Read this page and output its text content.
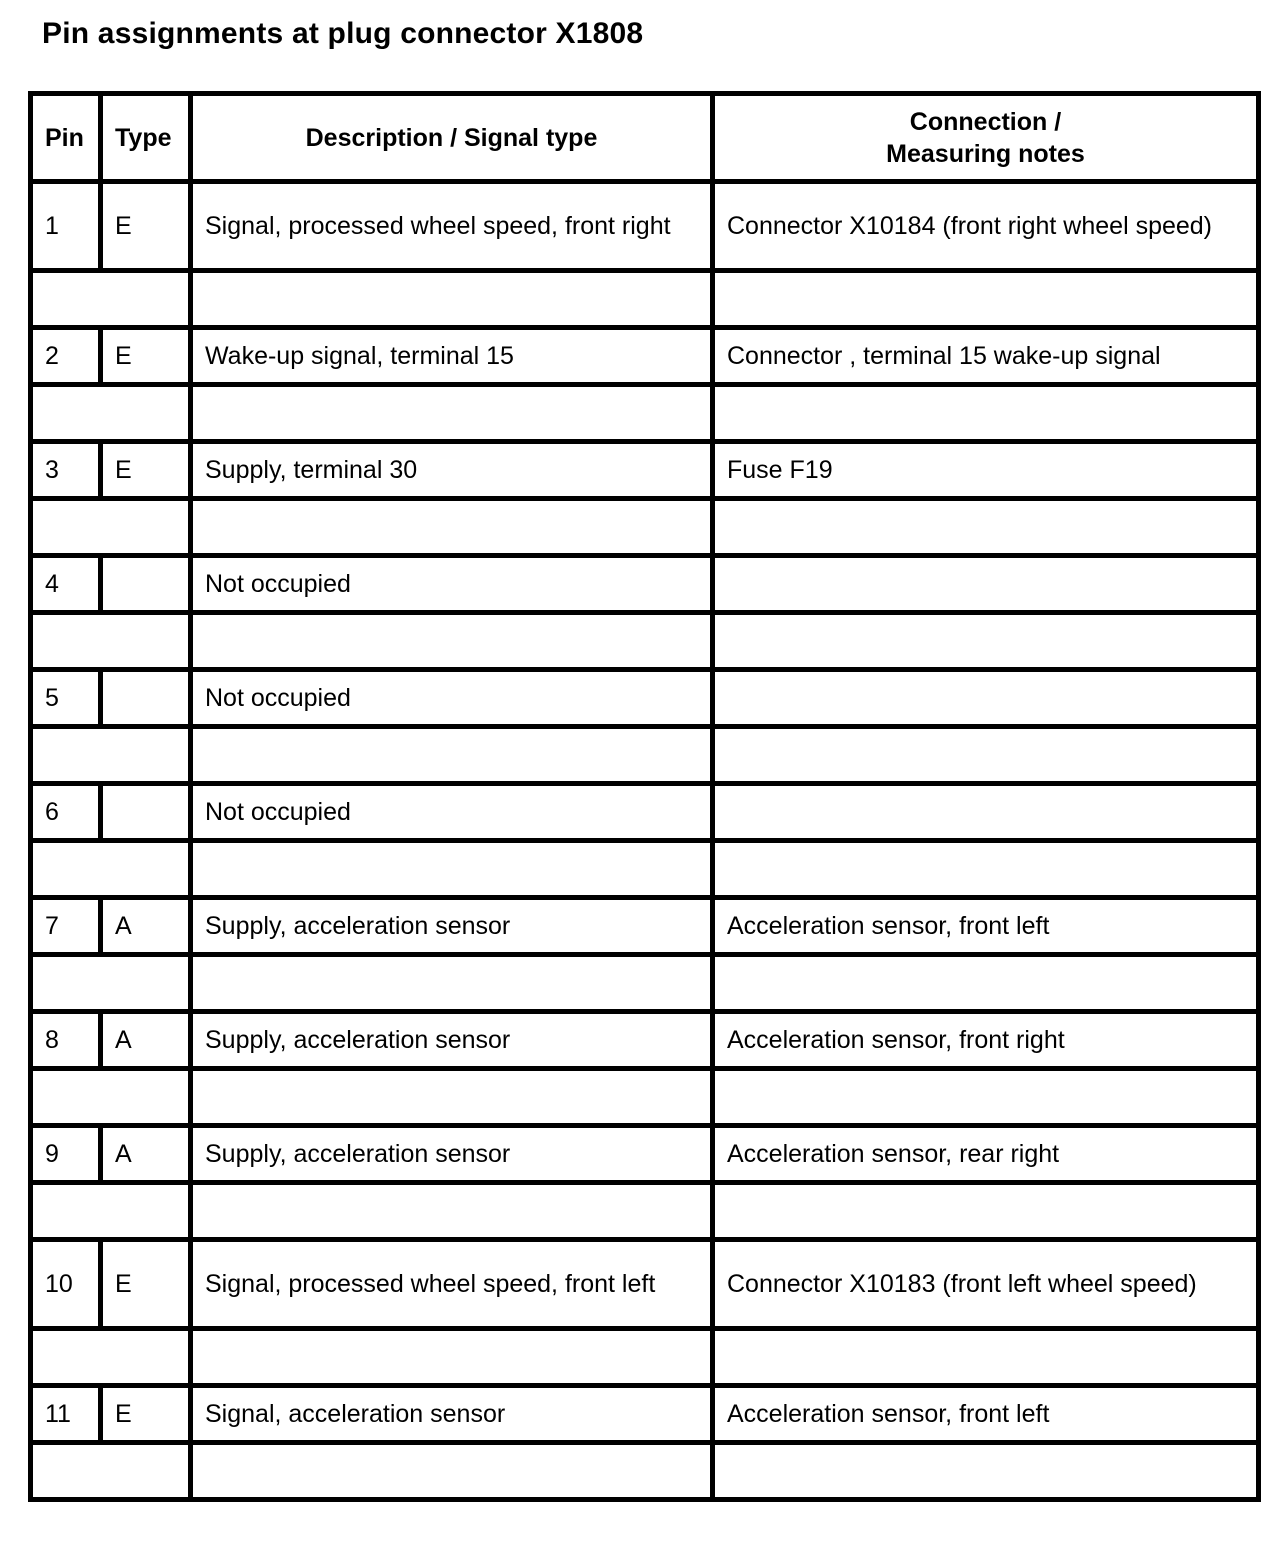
Pin assignments at plug connector X1808
Pin	Type	Description / Signal type	Connection /
Measuring notes
1	E	Signal, processed wheel speed, front right	Connector X10184 (front right wheel speed)

2	E	Wake-up signal, terminal 15	Connector , terminal 15 wake-up signal

3	E	Supply, terminal 30	Fuse F19

4		Not occupied	

5		Not occupied	

6		Not occupied	

7	A	Supply, acceleration sensor	Acceleration sensor, front left

8	A	Supply, acceleration sensor	Acceleration sensor, front right

9	A	Supply, acceleration sensor	Acceleration sensor, rear right

10	E	Signal, processed wheel speed, front left	Connector X10183 (front left wheel speed)

11	E	Signal, acceleration sensor	Acceleration sensor, front left
